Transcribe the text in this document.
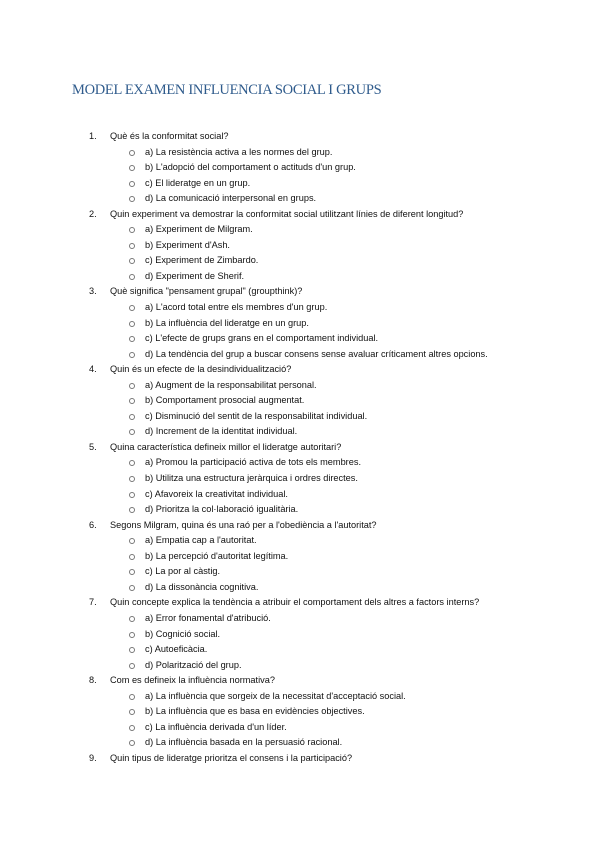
MODEL EXAMEN INFLUENCIA SOCIAL I GRUPS
1. Què és la conformitat social?
a) La resistència activa a les normes del grup.
b) L'adopció del comportament o actituds d'un grup.
c) El lideratge en un grup.
d) La comunicació interpersonal en grups.
2. Quin experiment va demostrar la conformitat social utilitzant línies de diferent longitud?
a) Experiment de Milgram.
b) Experiment d'Ash.
c) Experiment de Zimbardo.
d) Experiment de Sherif.
3. Què significa "pensament grupal" (groupthink)?
a) L'acord total entre els membres d'un grup.
b) La influència del lideratge en un grup.
c) L'efecte de grups grans en el comportament individual.
d) La tendència del grup a buscar consens sense avaluar críticament altres opcions.
4. Quin és un efecte de la desindividualització?
a) Augment de la responsabilitat personal.
b) Comportament prosocial augmentat.
c) Disminució del sentit de la responsabilitat individual.
d) Increment de la identitat individual.
5. Quina característica defineix millor el lideratge autoritari?
a) Promou la participació activa de tots els membres.
b) Utilitza una estructura jeràrquica i ordres directes.
c) Afavoreix la creativitat individual.
d) Prioritza la col·laboració igualitària.
6. Segons Milgram, quina és una raó per a l'obediència a l'autoritat?
a) Empatia cap a l'autoritat.
b) La percepció d'autoritat legítima.
c) La por al càstig.
d) La dissonància cognitiva.
7. Quin concepte explica la tendència a atribuir el comportament dels altres a factors interns?
a) Error fonamental d'atribució.
b) Cognició social.
c) Autoeficàcia.
d) Polarització del grup.
8. Com es defineix la influència normativa?
a) La influència que sorgeix de la necessitat d'acceptació social.
b) La influència que es basa en evidències objectives.
c) La influència derivada d'un líder.
d) La influència basada en la persuasió racional.
9. Quin tipus de lideratge prioritza el consens i la participació?
